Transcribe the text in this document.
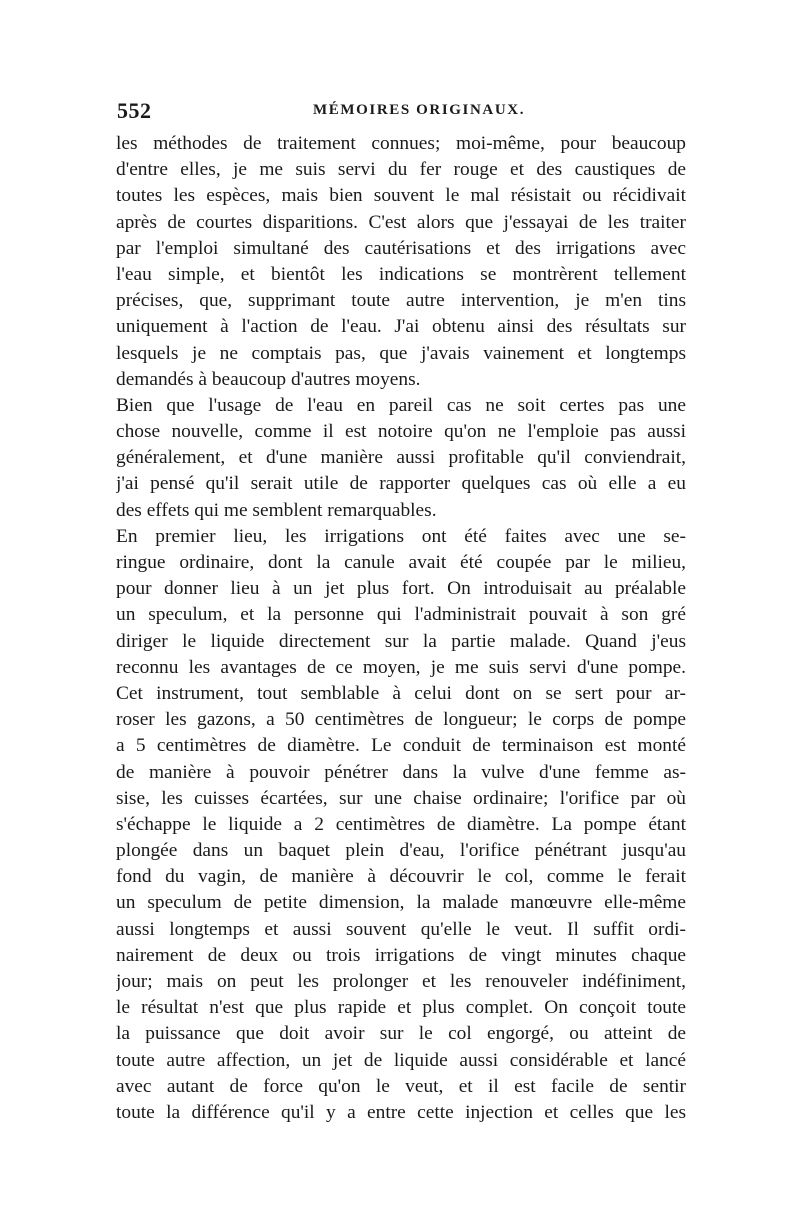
552	MÉMOIRES ORIGINAUX.
les méthodes de traitement connues; moi-même, pour beaucoup
d'entre elles, je me suis servi du fer rouge et des caustiques de
toutes les espèces, mais bien souvent le mal résistait ou récidivait
après de courtes disparitions. C'est alors que j'essayai de les traiter
par l'emploi simultané des cautérisations et des irrigations avec
l'eau simple, et bientôt les indications se montrèrent tellement
précises, que, supprimant toute autre intervention, je m'en tins
uniquement à l'action de l'eau. J'ai obtenu ainsi des résultats sur
lesquels je ne comptais pas, que j'avais vainement et longtemps
demandés à beaucoup d'autres moyens.
Bien que l'usage de l'eau en pareil cas ne soit certes pas une
chose nouvelle, comme il est notoire qu'on ne l'emploie pas aussi
généralement, et d'une manière aussi profitable qu'il conviendrait,
j'ai pensé qu'il serait utile de rapporter quelques cas où elle a eu
des effets qui me semblent remarquables.
En premier lieu, les irrigations ont été faites avec une se-
ringue ordinaire, dont la canule avait été coupée par le milieu,
pour donner lieu à un jet plus fort. On introduisait au préalable
un speculum, et la personne qui l'administrait pouvait à son gré
diriger le liquide directement sur la partie malade. Quand j'eus
reconnu les avantages de ce moyen, je me suis servi d'une pompe.
Cet instrument, tout semblable à celui dont on se sert pour ar-
roser les gazons, a 50 centimètres de longueur; le corps de pompe
a 5 centimètres de diamètre. Le conduit de terminaison est monté
de manière à pouvoir pénétrer dans la vulve d'une femme as-
sise, les cuisses écartées, sur une chaise ordinaire; l'orifice par où
s'échappe le liquide a 2 centimètres de diamètre. La pompe étant
plongée dans un baquet plein d'eau, l'orifice pénétrant jusqu'au
fond du vagin, de manière à découvrir le col, comme le ferait
un speculum de petite dimension, la malade manœuvre elle-même
aussi longtemps et aussi souvent qu'elle le veut. Il suffit ordi-
nairement de deux ou trois irrigations de vingt minutes chaque
jour; mais on peut les prolonger et les renouveler indéfiniment,
le résultat n'est que plus rapide et plus complet. On conçoit toute
la puissance que doit avoir sur le col engorgé, ou atteint de
toute autre affection, un jet de liquide aussi considérable et lancé
avec autant de force qu'on le veut, et il est facile de sentir
toute la différence qu'il y a entre cette injection et celles que les
